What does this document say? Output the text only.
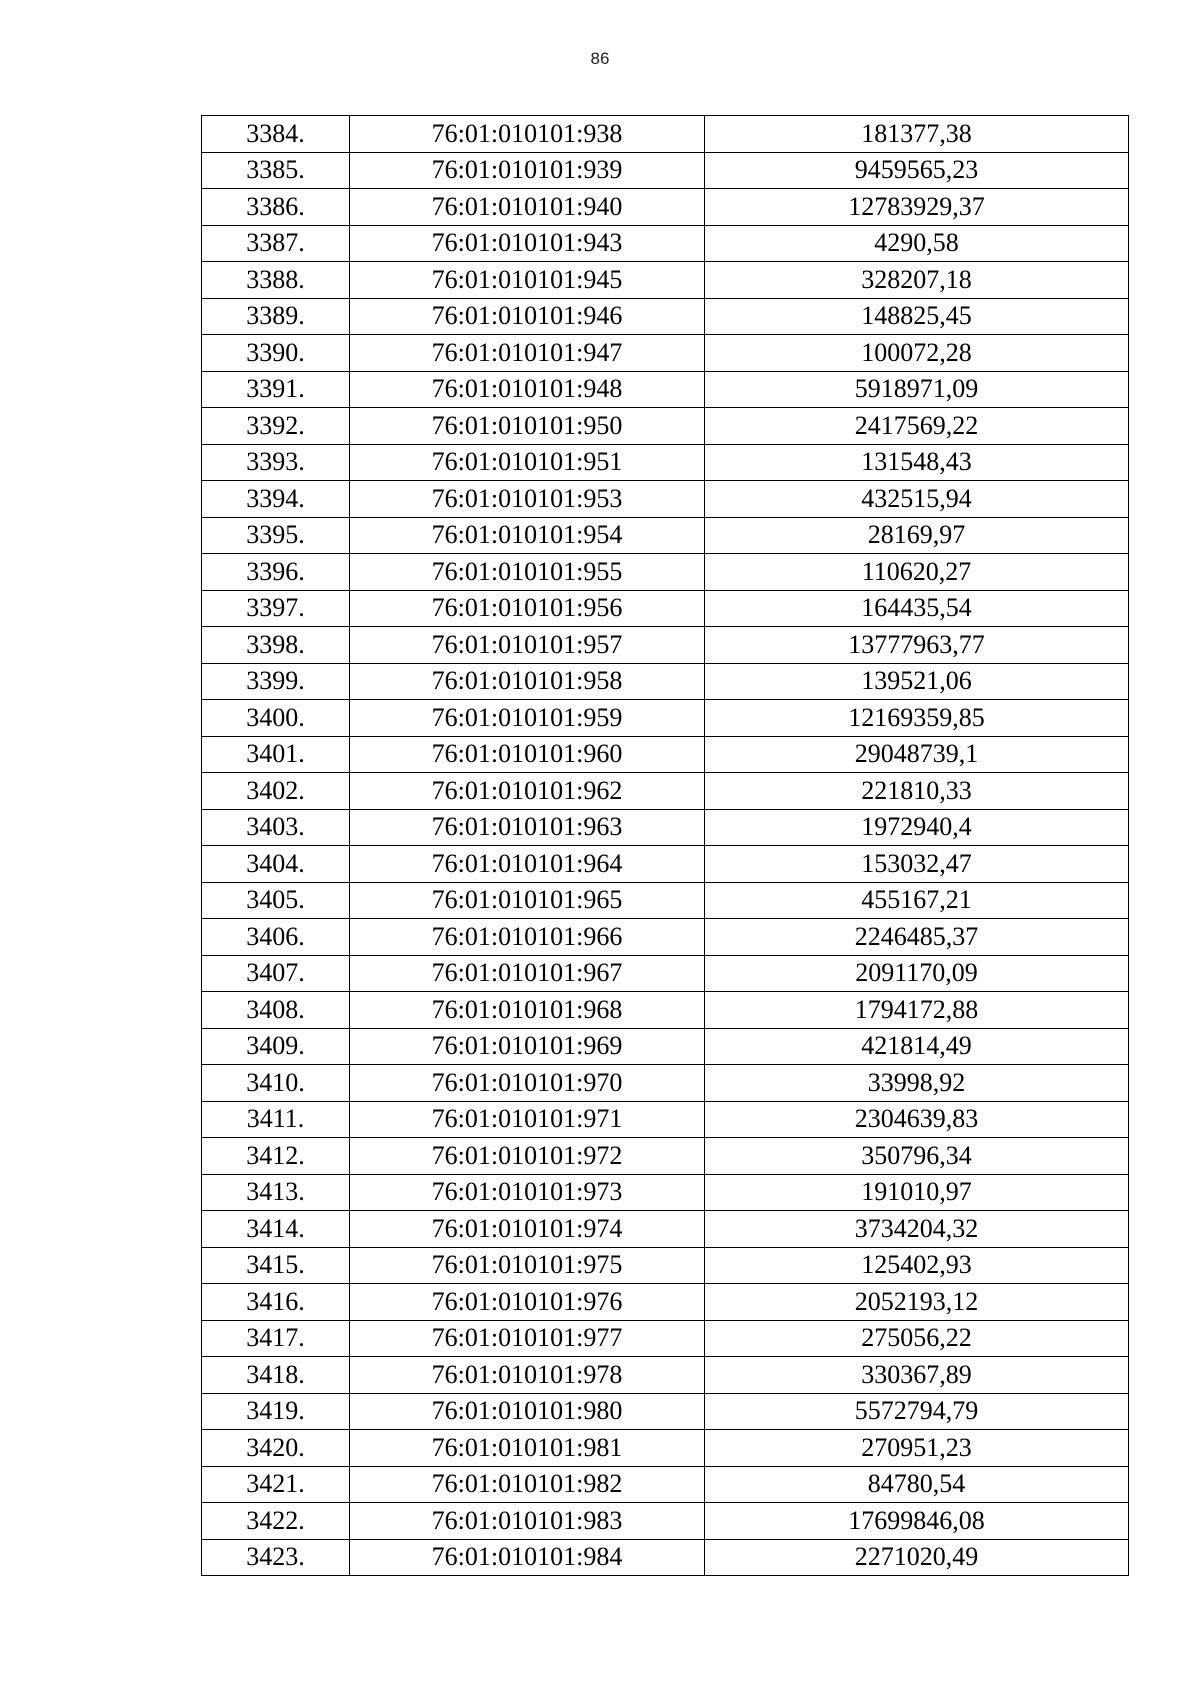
86
3384.	76:01:010101:938	181377,38
3385.	76:01:010101:939	9459565,23
3386.	76:01:010101:940	12783929,37
3387.	76:01:010101:943	4290,58
3388.	76:01:010101:945	328207,18
3389.	76:01:010101:946	148825,45
3390.	76:01:010101:947	100072,28
3391.	76:01:010101:948	5918971,09
3392.	76:01:010101:950	2417569,22
3393.	76:01:010101:951	131548,43
3394.	76:01:010101:953	432515,94
3395.	76:01:010101:954	28169,97
3396.	76:01:010101:955	110620,27
3397.	76:01:010101:956	164435,54
3398.	76:01:010101:957	13777963,77
3399.	76:01:010101:958	139521,06
3400.	76:01:010101:959	12169359,85
3401.	76:01:010101:960	29048739,1
3402.	76:01:010101:962	221810,33
3403.	76:01:010101:963	1972940,4
3404.	76:01:010101:964	153032,47
3405.	76:01:010101:965	455167,21
3406.	76:01:010101:966	2246485,37
3407.	76:01:010101:967	2091170,09
3408.	76:01:010101:968	1794172,88
3409.	76:01:010101:969	421814,49
3410.	76:01:010101:970	33998,92
3411.	76:01:010101:971	2304639,83
3412.	76:01:010101:972	350796,34
3413.	76:01:010101:973	191010,97
3414.	76:01:010101:974	3734204,32
3415.	76:01:010101:975	125402,93
3416.	76:01:010101:976	2052193,12
3417.	76:01:010101:977	275056,22
3418.	76:01:010101:978	330367,89
3419.	76:01:010101:980	5572794,79
3420.	76:01:010101:981	270951,23
3421.	76:01:010101:982	84780,54
3422.	76:01:010101:983	17699846,08
3423.	76:01:010101:984	2271020,49
